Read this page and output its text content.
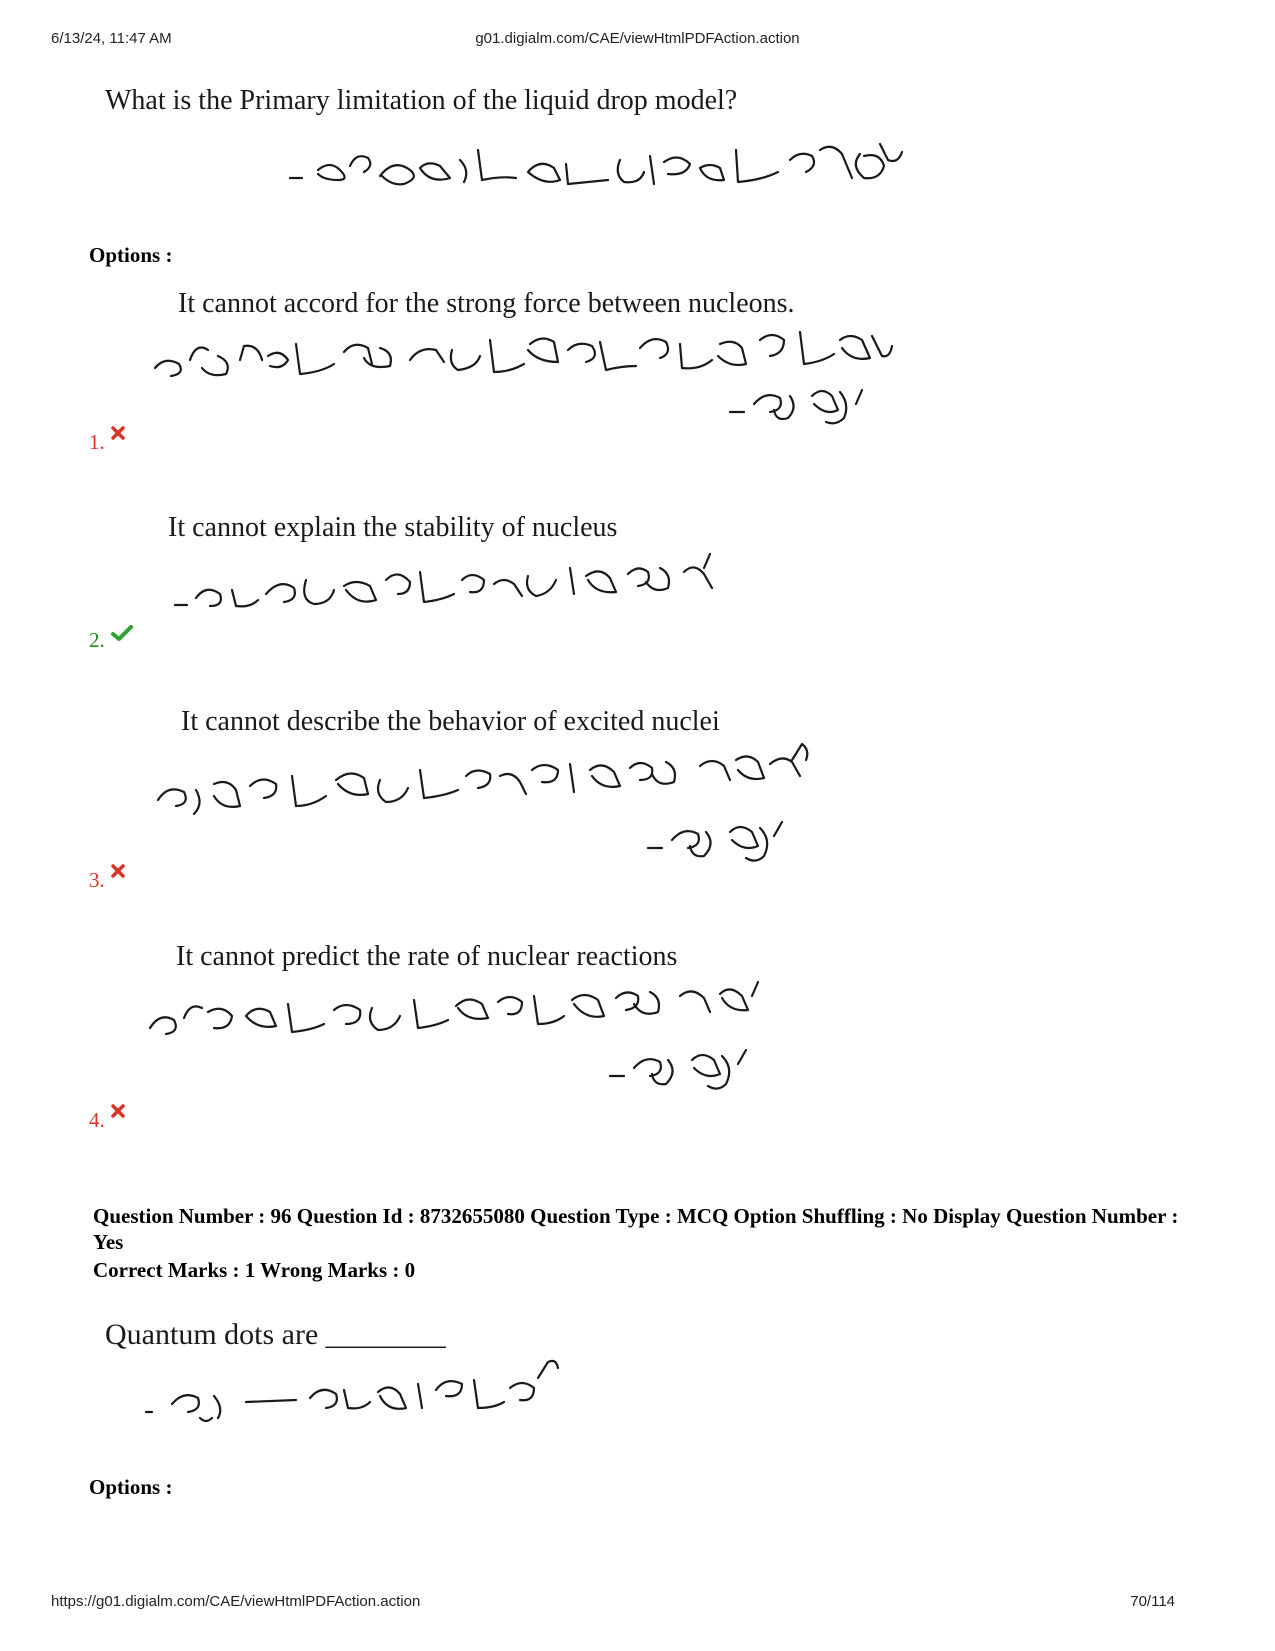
6/13/24, 11:47 AM	g01.digialm.com/CAE/viewHtmlPDFAction.action
What is the Primary limitation of the liquid drop model?
Options :
It cannot accord for the strong force between nucleons.
1.
It cannot explain the stability of nucleus
2.
It cannot describe the behavior of excited nuclei
3.
It cannot predict the rate of nuclear reactions
4.
Question Number : 96 Question Id : 8732655080 Question Type : MCQ Option Shuffling : No Display Question Number : Yes
Correct Marks : 1 Wrong Marks : 0
Quantum dots are ________
Options :
https://g01.digialm.com/CAE/viewHtmlPDFAction.action	70/114
